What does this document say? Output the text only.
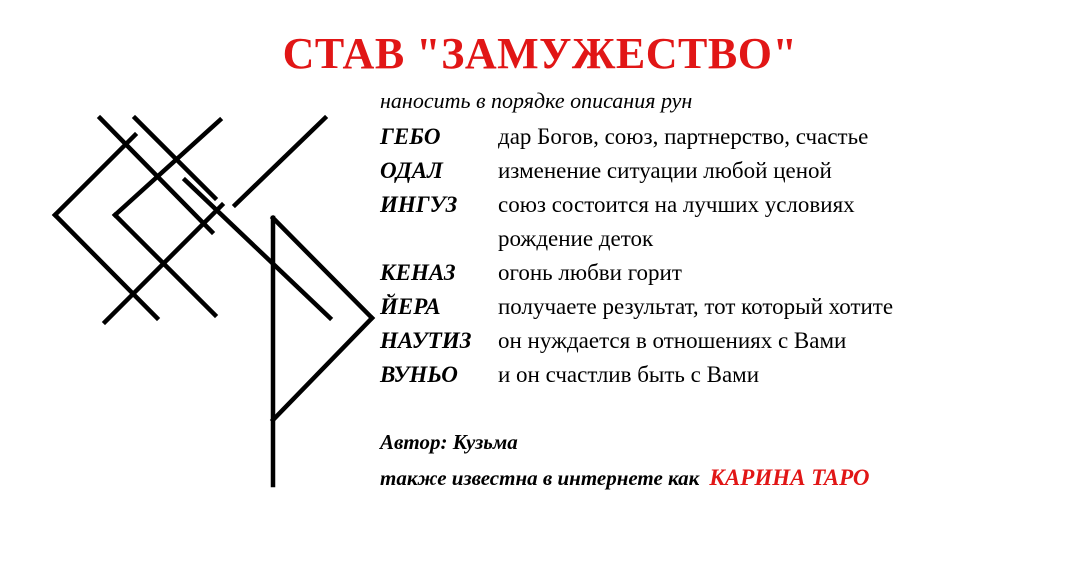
СТАВ "ЗАМУЖЕСТВО"
наносить в порядке описания рун
ГЕБО	дар Богов, союз, партнерство, счастье
ОДАЛ	изменение ситуации любой ценой
ИНГУЗ	союз состоится на лучших условиях
рождение деток
КЕНАЗ	огонь любви горит
ЙЕРА	получаете результат, тот который хотите
НАУТИЗ	он нуждается в отношениях с Вами
ВУНЬО	и он счастлив быть с Вами
Автор: Кузьма
также известна в интернете как КАРИНА ТАРО
